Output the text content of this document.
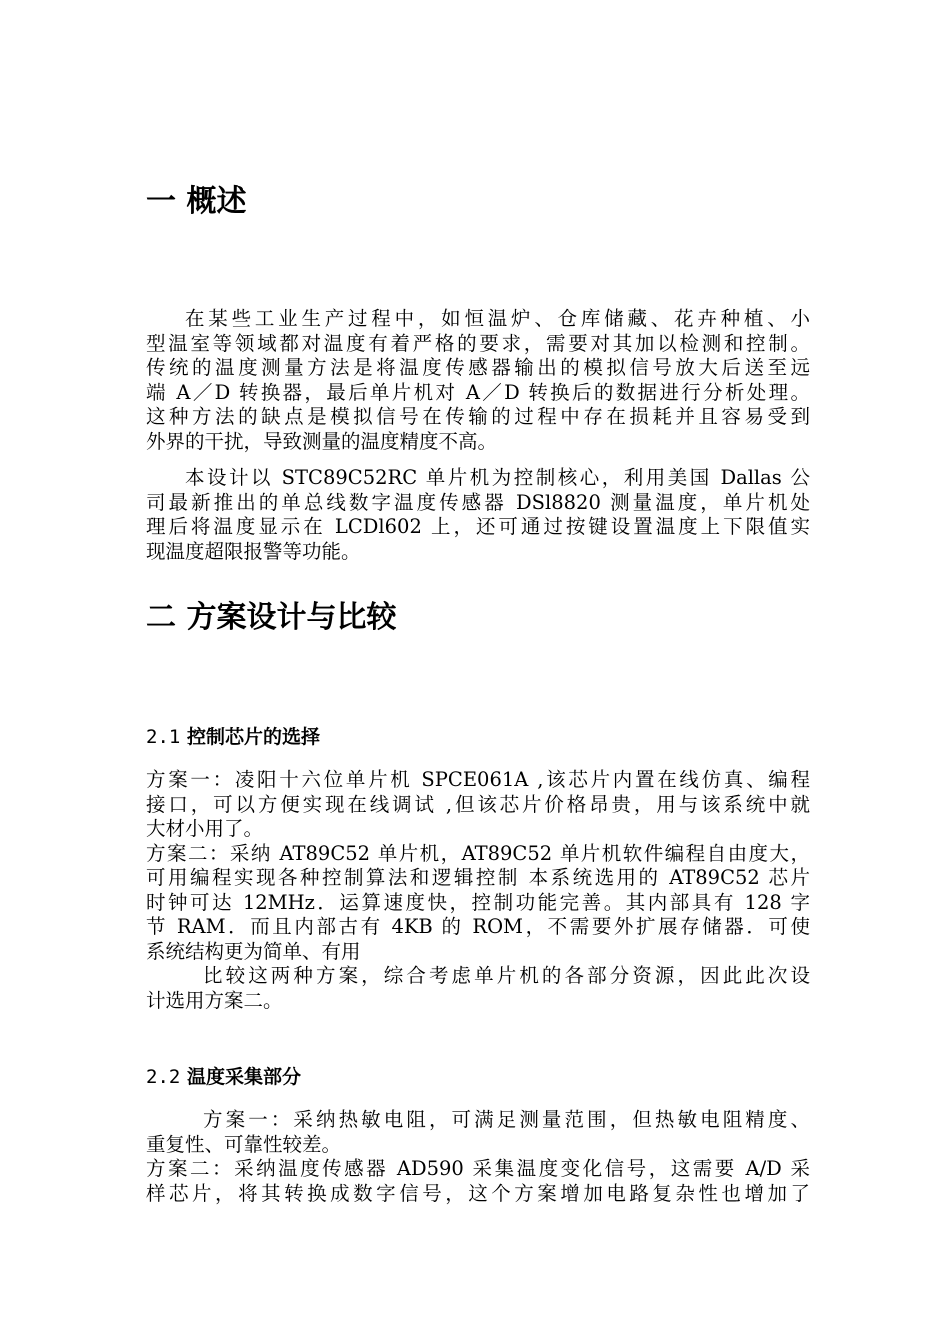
一 概述
在某些工业生产过程中，如恒温炉、仓库储藏、花卉种植、小
型温室等领域都对温度有着严格的要求，需要对其加以检测和控制。
传统的温度测量方法是将温度传感器输出的模拟信号放大后送至远
端 A／D 转换器，最后单片机对 A／D 转换后的数据进行分析处理。
这种方法的缺点是模拟信号在传输的过程中存在损耗并且容易受到
外界的干扰，导致测量的温度精度不高。
本设计以 STC89C52RC 单片机为控制核心，利用美国 Dallas 公
司最新推出的单总线数字温度传感器 DSl8820 测量温度，单片机处
理后将温度显示在 LCDl602 上，还可通过按键设置温度上下限值实
现温度超限报警等功能。
二 方案设计与比较
2.1 控制芯片的选择
方案一：凌阳十六位单片机 SPCE061A ,该芯片内置在线仿真、编程
接口，可以方便实现在线调试 ,但该芯片价格昂贵，用与该系统中就
大材小用了。
方案二：采纳 AT89C52 单片机，AT89C52 单片机软件编程自由度大，
可用编程实现各种控制算法和逻辑控制 本系统选用的 AT89C52 芯片
时钟可达 12MHz．运算速度快，控制功能完善。其内部具有 128 字
节 RAM．而且内部古有 4KB 的 ROM，不需要外扩展存储器．可使
系统结构更为简单、有用
比较这两种方案，综合考虑单片机的各部分资源，因此此次设
计选用方案二。
2.2 温度采集部分
方案一：采纳热敏电阻，可满足测量范围，但热敏电阻精度、
重复性、可靠性较差。
方案二：采纳温度传感器 AD590 采集温度变化信号，这需要 A/D 采
样芯片，将其转换成数字信号，这个方案增加电路复杂性也增加了
